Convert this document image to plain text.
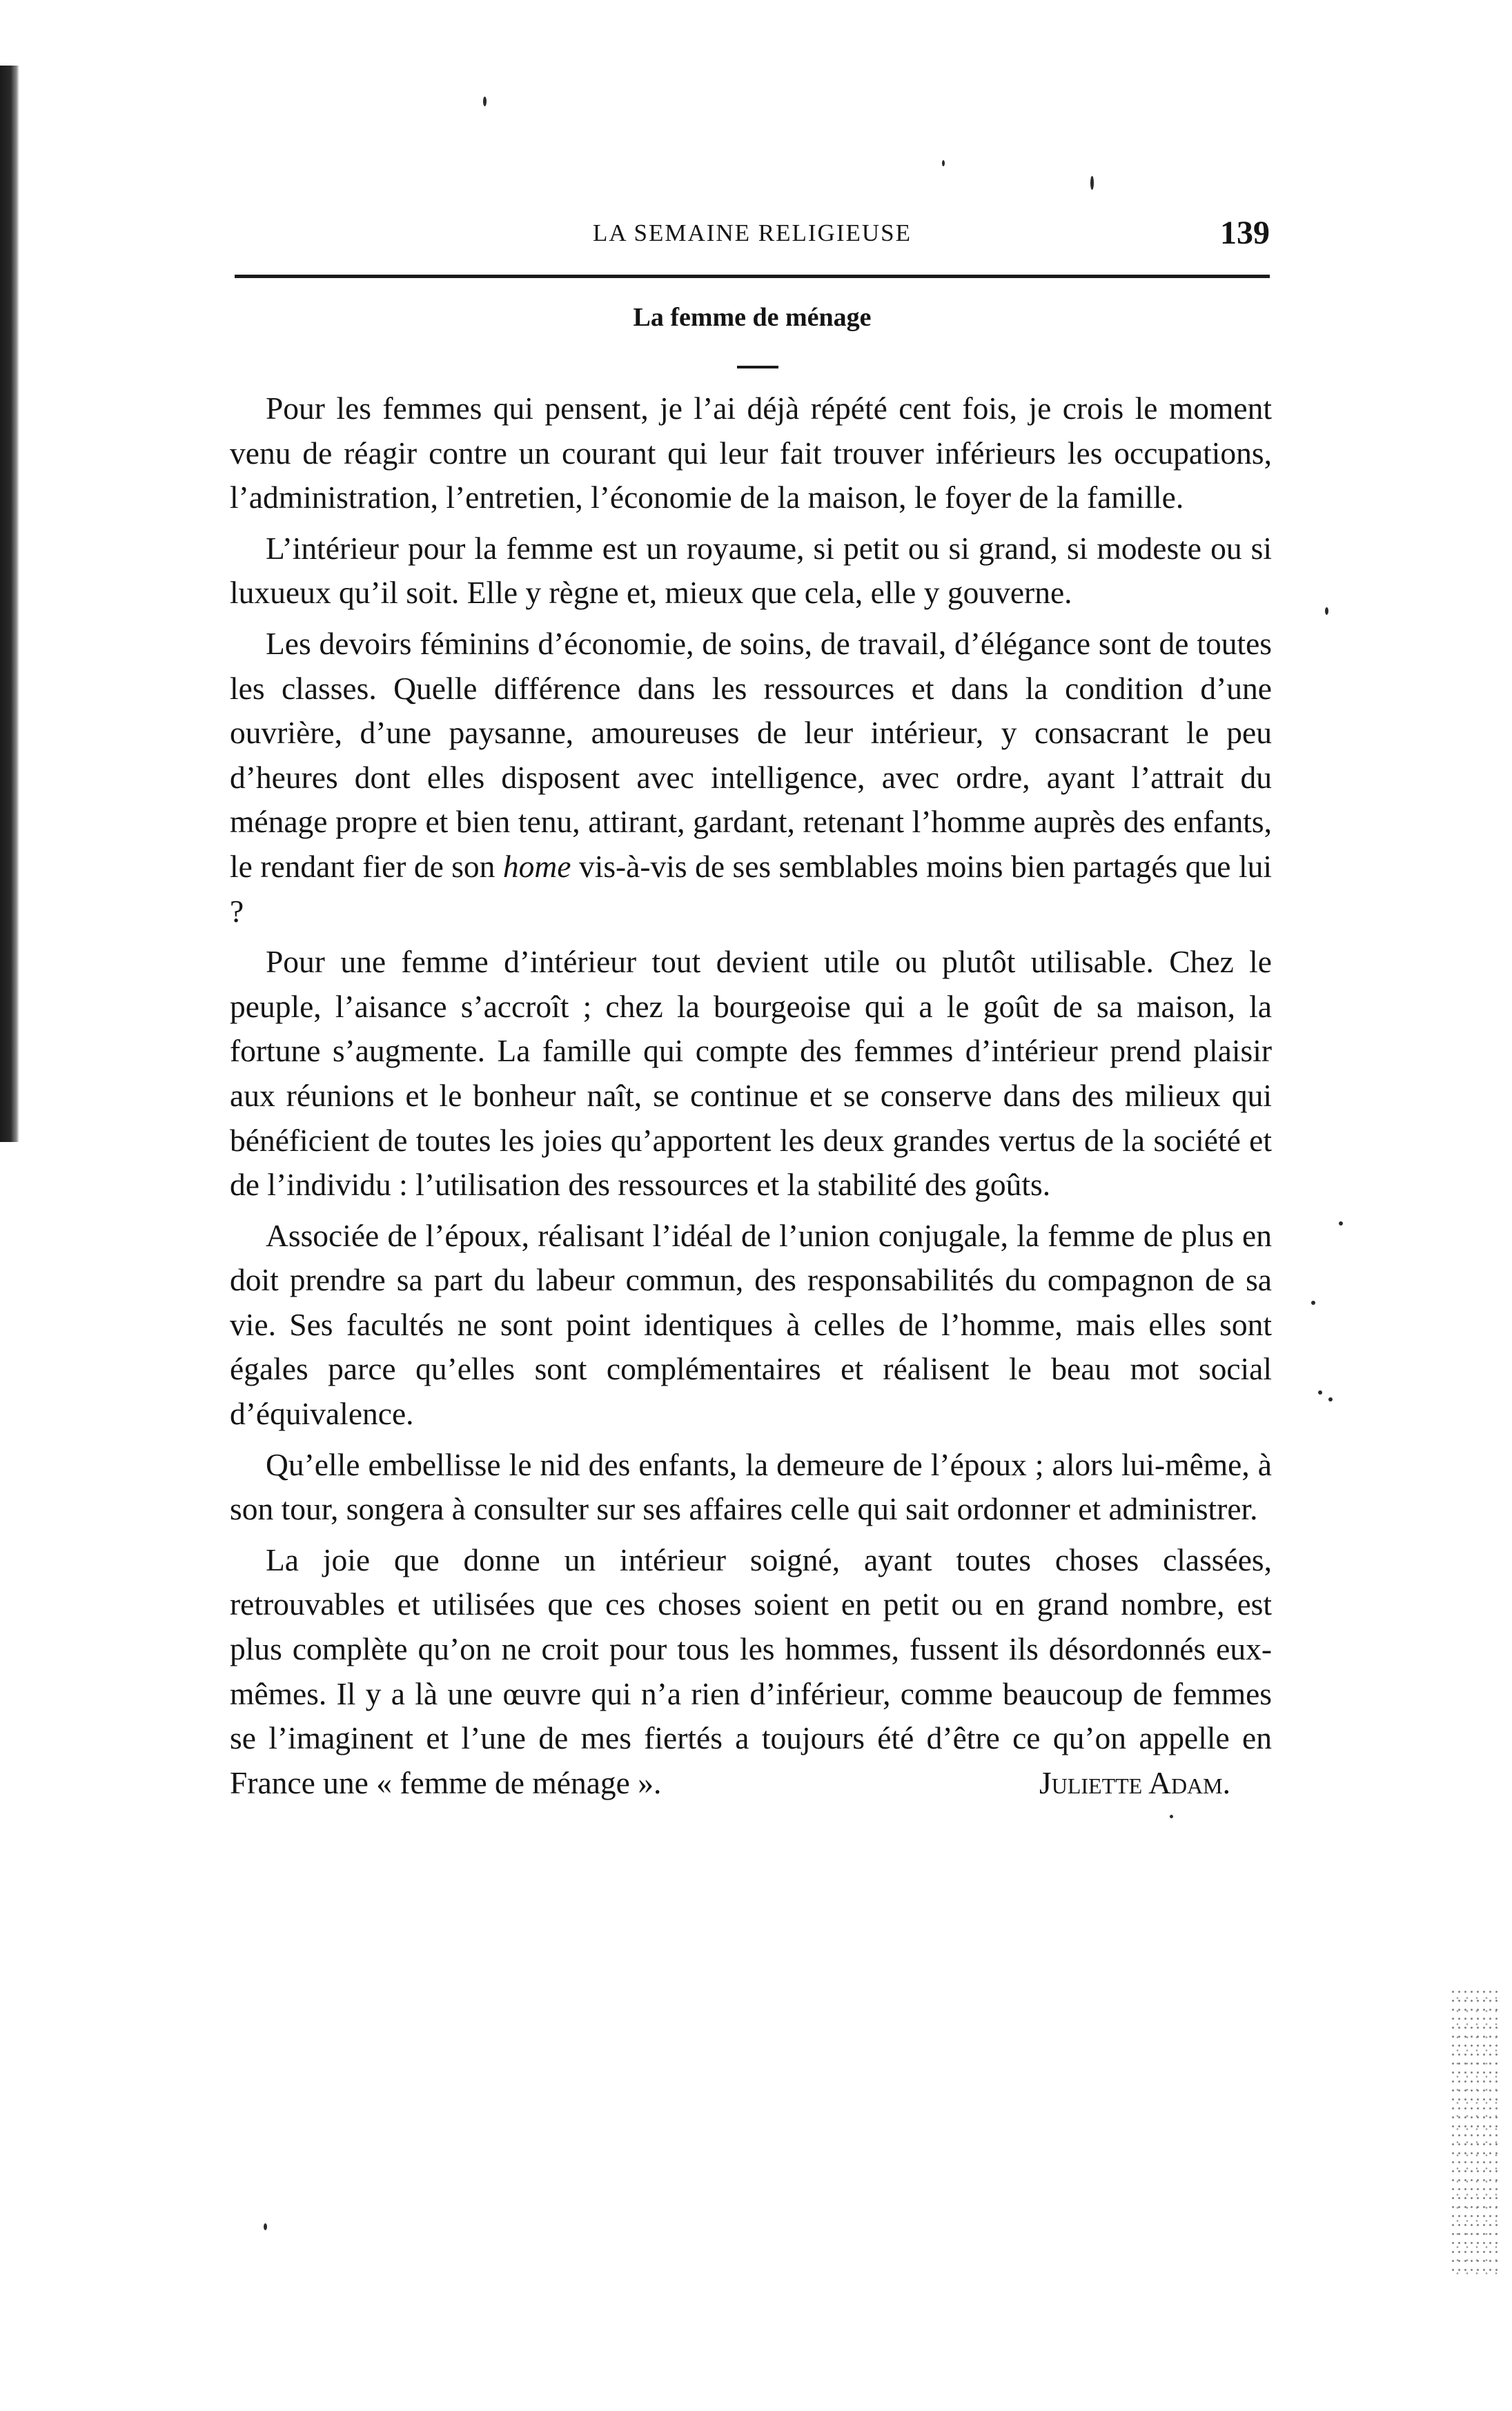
LA SEMAINE RELIGIEUSE	139
La femme de ménage

Pour les femmes qui pensent, je l’ai déjà répété cent fois, je crois le moment venu de réagir contre un courant qui leur fait trouver inférieurs les occupations, l’administration, l’entretien, l’économie de la maison, le foyer de la famille.

L’intérieur pour la femme est un royaume, si petit ou si grand, si modeste ou si luxueux qu’il soit. Elle y règne et, mieux que cela, elle y gouverne.

Les devoirs féminins d’économie, de soins, de travail, d’élégance sont de toutes les classes. Quelle différence dans les ressources et dans la condition d’une ouvrière, d’une paysanne, amoureuses de leur intérieur, y consacrant le peu d’heures dont elles disposent avec intelligence, avec ordre, ayant l’attrait du ménage propre et bien tenu, attirant, gardant, retenant l’homme auprès des enfants, le rendant fier de son home vis-à-vis de ses semblables moins bien partagés que lui ?

Pour une femme d’intérieur tout devient utile ou plutôt utilisable. Chez le peuple, l’aisance s’accroît ; chez la bourgeoise qui a le goût de sa maison, la fortune s’augmente. La famille qui compte des femmes d’intérieur prend plaisir aux réunions et le bonheur naît, se continue et se conserve dans des milieux qui bénéficient de toutes les joies qu’apportent les deux grandes vertus de la société et de l’individu : l’utilisation des ressources et la stabilité des goûts.

Associée de l’époux, réalisant l’idéal de l’union conjugale, la femme de plus en doit prendre sa part du labeur commun, des responsabilités du compagnon de sa vie. Ses facultés ne sont point identiques à celles de l’homme, mais elles sont égales parce qu’elles sont complémentaires et réalisent le beau mot social d’équivalence.

Qu’elle embellisse le nid des enfants, la demeure de l’époux ; alors lui-même, à son tour, songera à consulter sur ses affaires celle qui sait ordonner et administrer.

La joie que donne un intérieur soigné, ayant toutes choses classées, retrouvables et utilisées que ces choses soient en petit ou en grand nombre, est plus complète qu’on ne croit pour tous les hommes, fussent ils désordonnés eux-mêmes. Il y a là une œuvre qui n’a rien d’inférieur, comme beaucoup de femmes se l’imaginent et l’une de mes fiertés a toujours été d’être ce qu’on appelle en France une « femme de ménage ».	Juliette Adam.
